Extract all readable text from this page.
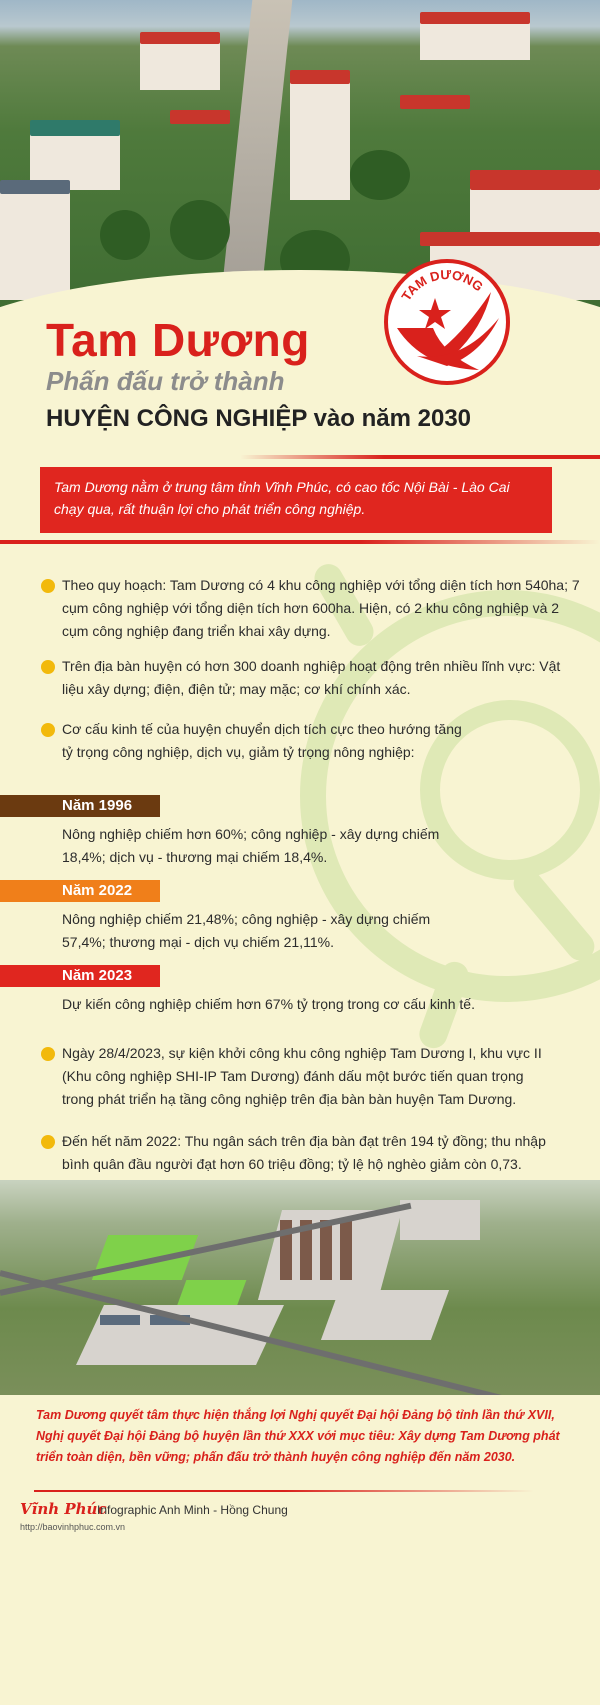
Tam Dương
Phấn đấu trở thành
HUYỆN CÔNG NGHIỆP vào năm 2030
TAM DƯƠNG
Tam Dương nằm ở trung tâm tỉnh Vĩnh Phúc, có cao tốc Nội Bài - Lào Cai chạy qua, rất thuận lợi cho phát triển công nghiệp.
Theo quy hoạch: Tam Dương có 4 khu công nghiệp với tổng diện tích hơn 540ha; 7 cụm công nghiệp với tổng diện tích hơn 600ha. Hiện, có 2 khu công nghiệp và 2 cụm công nghiệp đang triển khai xây dựng.
Trên địa bàn huyện có hơn 300 doanh nghiệp hoạt động trên nhiều lĩnh vực: Vật liệu xây dựng; điện, điện tử; may mặc; cơ khí chính xác.
Cơ cấu kinh tế của huyện chuyển dịch tích cực theo hướng tăng tỷ trọng công nghiệp, dịch vụ, giảm tỷ trọng nông nghiệp:
Năm 1996
Nông nghiệp chiếm hơn 60%; công nghiệp - xây dựng chiếm 18,4%; dịch vụ - thương mại chiếm 18,4%.
Năm 2022
Nông nghiệp chiếm 21,48%; công nghiệp - xây dựng chiếm 57,4%; thương mại - dịch vụ chiếm 21,11%.
Năm 2023
Dự kiến công nghiệp chiếm hơn 67% tỷ trọng trong cơ cấu kinh tế.
Ngày 28/4/2023, sự kiện khởi công khu công nghiệp Tam Dương I, khu vực II (Khu công nghiệp SHI-IP Tam Dương) đánh dấu một bước tiến quan trọng trong phát triển hạ tầng công nghiệp trên địa bàn bàn huyện Tam Dương.
Đến hết năm 2022: Thu ngân sách trên địa bàn đạt trên 194 tỷ đồng; thu nhập bình quân đầu người đạt hơn 60 triệu đồng; tỷ lệ hộ nghèo giảm còn 0,73.
Tam Dương quyết tâm thực hiện thắng lợi Nghị quyết Đại hội Đảng bộ tỉnh lần thứ XVII, Nghị quyết Đại hội Đảng bộ huyện lần thứ XXX với mục tiêu: Xây dựng Tam Dương phát triển toàn diện, bền vững; phấn đấu trở thành huyện công nghiệp đến năm 2030.
Vĩnh Phúc
Infographic Anh Minh - Hồng Chung
http://baovinhphuc.com.vn
